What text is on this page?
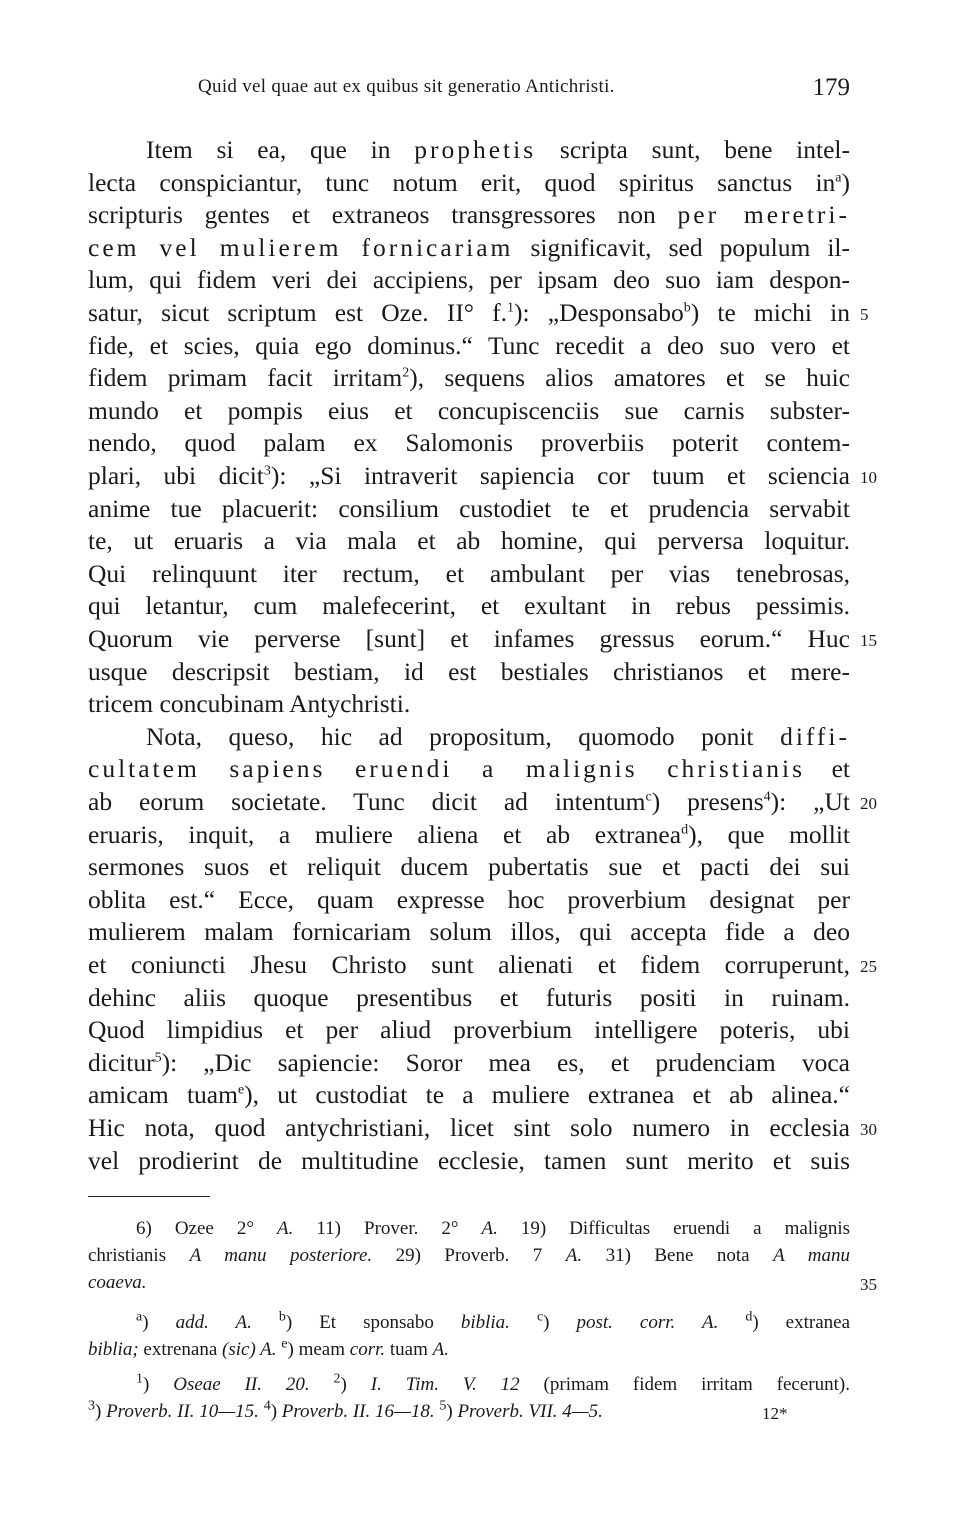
Quid vel quae aut ex quibus sit generatio Antichristi.	179
Item si ea, que in prophetis scripta sunt, bene intel-
lecta conspiciantur, tunc notum erit, quod spiritus sanctus $in^a$)
scripturis gentes et extraneos transgressores non per meretri-
cem vel mulierem fornicariam significavit, sed populum il-
lum, qui fidem veri dei accipiens, per ipsam deo suo iam despon-
satur, sicut scriptum est Oze. II° f.$^1$): „Desponsabo$^b$) te michi in
fide, et scies, quia ego dominus.“ Tunc recedit a deo suo vero et
fidem primam facit irritam$^2$), sequens alios amatores et se huic
mundo et pompis eius et concupiscenciis sue carnis subster-
nendo, quod palam ex Salomonis proverbiis poterit contem-
plari, ubi dicit$^3$): „Si intraverit sapiencia cor tuum et sciencia
anime tue placuerit: consilium custodiet te et prudencia servabit
te, ut eruaris a via mala et ab homine, qui perversa loquitur.
Qui relinquunt iter rectum, et ambulant per vias tenebrosas,
qui letantur, cum malefecerint, et exultant in rebus pessimis.
Quorum vie perverse [sunt] et infames gressus eorum.“ Huc
usque descripsit bestiam, id est bestiales christianos et mere-
tricem concubinam Antychristi.
Nota, queso, hic ad propositum, quomodo ponit diffi-
cultatem sapiens eruendi a malignis christianis et
ab eorum societate. Tunc dicit ad intentum$^c$) presens$^4$): „Ut
eruaris, inquit, a muliere aliena et ab extranea$^d$), que mollit
sermones suos et reliquit ducem pubertatis sue et pacti dei sui
oblita est.“ Ecce, quam expresse hoc proverbium designat per
mulierem malam fornicariam solum illos, qui accepta fide a deo
et coniuncti Jhesu Christo sunt alienati et fidem corruperunt,
dehinc aliis quoque presentibus et futuris positi in ruinam.
Quod limpidius et per aliud proverbium intelligere poteris, ubi
dicitur$^5$): „Dic sapiencie: Soror mea es, et prudenciam voca
amicam tuam$^e$), ut custodiat te a muliere extranea et ab alinea.“
Hic nota, quod antychristiani, licet sint solo numero in ecclesia
vel prodierint de multitudine ecclesie, tamen sunt merito et suis
5
10
15
20
25
30
6) Ozee 2° A. 11) Prover. 2° A. 19) Difficultas eruendi a malignis
christianis A manu posteriore. 29) Proverb. 7 A. 31) Bene nota A manu
coaeva.	35
$^a$) add. A. $^b$) Et sponsabo biblia. $^c$) post. corr. A. $^d$) extranea
biblia; extrenana (sic) A. $^e$) meam corr. tuam A.
$^1$) Oseae II. 20. $^2$) I. Tim. V. 12 (primam fidem irritam fecerunt).
$^3$) Proverb. II. 10—15. $^4$) Proverb. II. 16—18. $^5$) Proverb. VII. 4—5.	12*
